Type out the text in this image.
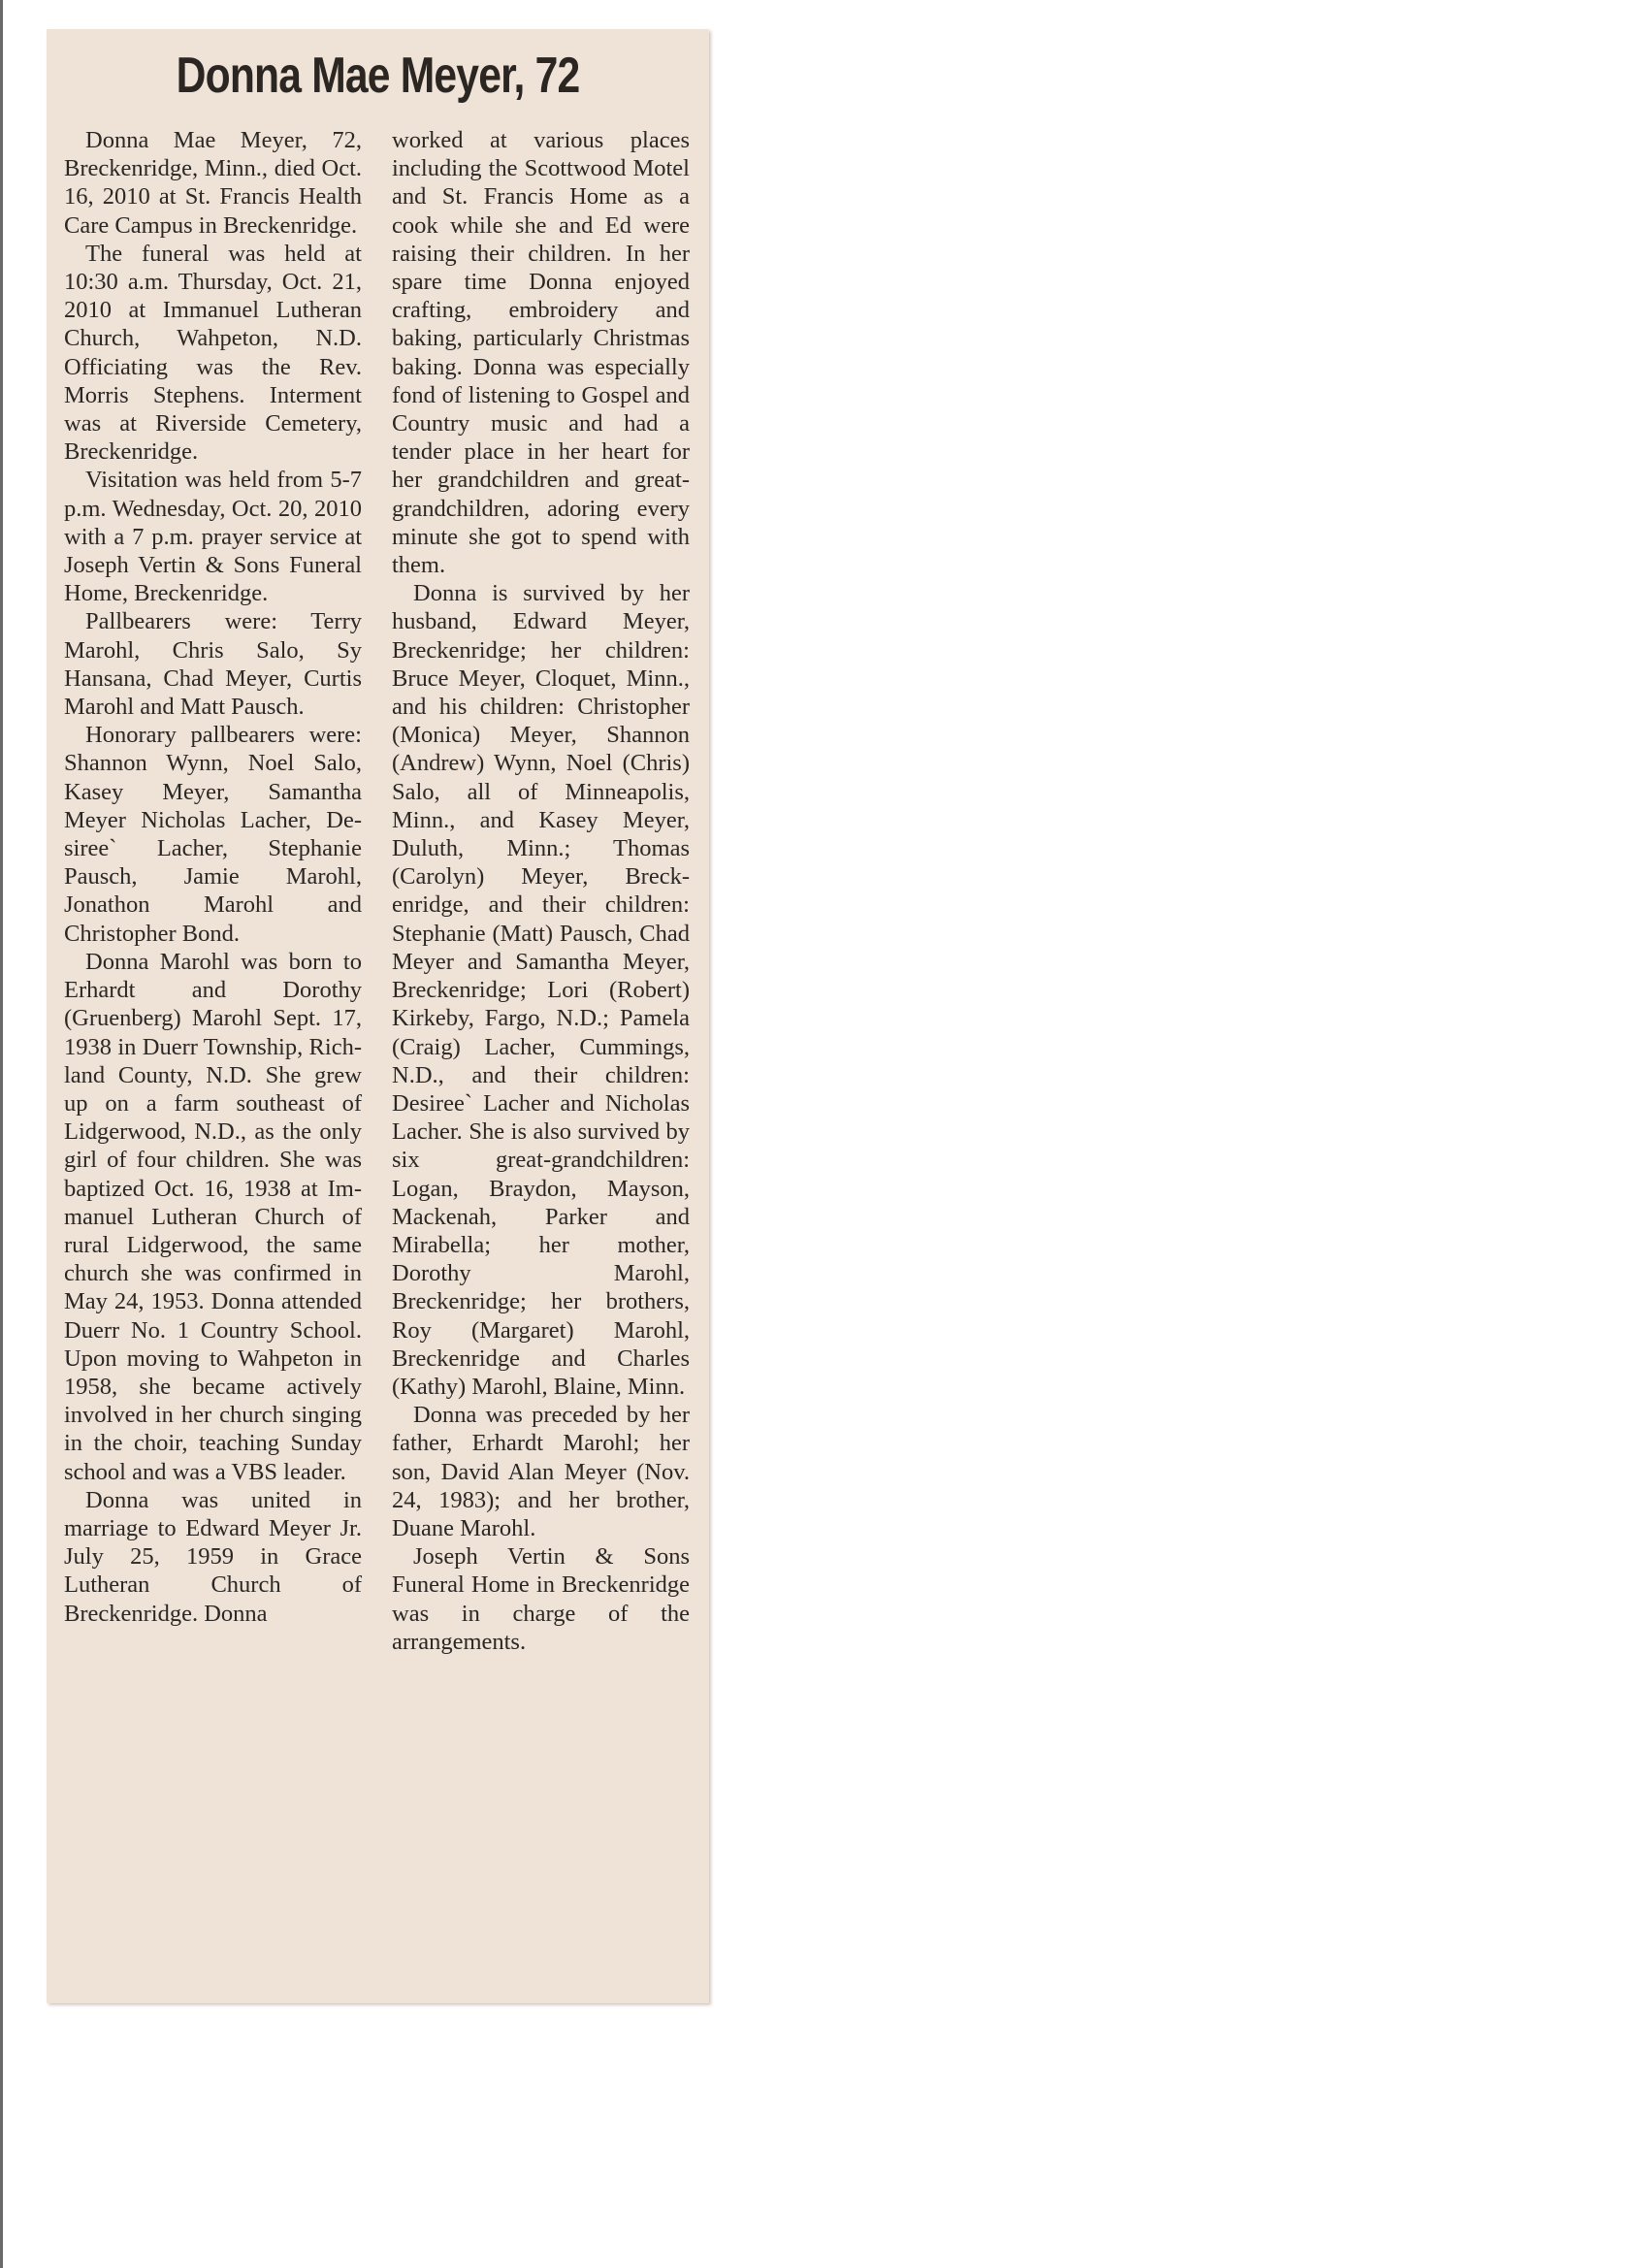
Donna Mae Meyer, 72

Donna Mae Meyer, 72, Breckenridge, Minn., died Oct. 16, 2010 at St. Francis Health Care Campus in Breckenridge.

The funeral was held at 10:30 a.m. Thursday, Oct. 21, 2010 at Immanuel Lutheran Church, Wahpeton, N.D. Officiating was the Rev. Morris Stephens. Interment was at Riverside Cemetery, Breckenridge.

Visitation was held from 5-7 p.m. Wednesday, Oct. 20, 2010 with a 7 p.m. prayer service at Joseph Vertin & Sons Funeral Home, Breckenridge.

Pallbearers were: Terry Marohl, Chris Salo, Sy Hansana, Chad Meyer, Curtis Marohl and Matt Pausch.

Honorary pallbearers were: Shannon Wynn, Noel Salo, Kasey Meyer, Samantha Meyer Nicholas Lacher, Desiree` Lacher, Stephanie Pausch, Jamie Marohl, Jonathon Marohl and Christopher Bond.

Donna Marohl was born to Erhardt and Dorothy (Gruenberg) Marohl Sept. 17, 1938 in Duerr Township, Richland County, N.D. She grew up on a farm southeast of Lidgerwood, N.D., as the only girl of four children. She was baptized Oct. 16, 1938 at Immanuel Lutheran Church of rural Lidgerwood, the same church she was confirmed in May 24, 1953. Donna attended Duerr No. 1 Country School. Upon moving to Wahpeton in 1958, she became actively involved in her church singing in the choir, teaching Sunday school and was a VBS leader.

Donna was united in marriage to Edward Meyer Jr. July 25, 1959 in Grace Lutheran Church of Breckenridge. Donna

worked at various places including the Scottwood Motel and St. Francis Home as a cook while she and Ed were raising their children. In her spare time Donna enjoyed crafting, embroidery and baking, particularly Christmas baking. Donna was especially fond of listening to Gospel and Country music and had a tender place in her heart for her grandchildren and great-grandchildren, adoring every minute she got to spend with them.

Donna is survived by her husband, Edward Meyer, Breckenridge; her children: Bruce Meyer, Cloquet, Minn., and his children: Christopher (Monica) Meyer, Shannon (Andrew) Wynn, Noel (Chris) Salo, all of Minneapolis, Minn., and Kasey Meyer, Duluth, Minn.; Thomas (Carolyn) Meyer, Breckenridge, and their children: Stephanie (Matt) Pausch, Chad Meyer and Samantha Meyer, Breckenridge; Lori (Robert) Kirkeby, Fargo, N.D.; Pamela (Craig) Lacher, Cummings, N.D., and their children: Desiree` Lacher and Nicholas Lacher. She is also survived by six great-grandchildren: Logan, Braydon, Mayson, Mackenah, Parker and Mirabella; her mother, Dorothy Marohl, Breckenridge; her brothers, Roy (Margaret) Marohl, Breckenridge and Charles (Kathy) Marohl, Blaine, Minn.

Donna was preceded by her father, Erhardt Marohl; her son, David Alan Meyer (Nov. 24, 1983); and her brother, Duane Marohl.

Joseph Vertin & Sons Funeral Home in Breckenridge was in charge of the arrangements.
